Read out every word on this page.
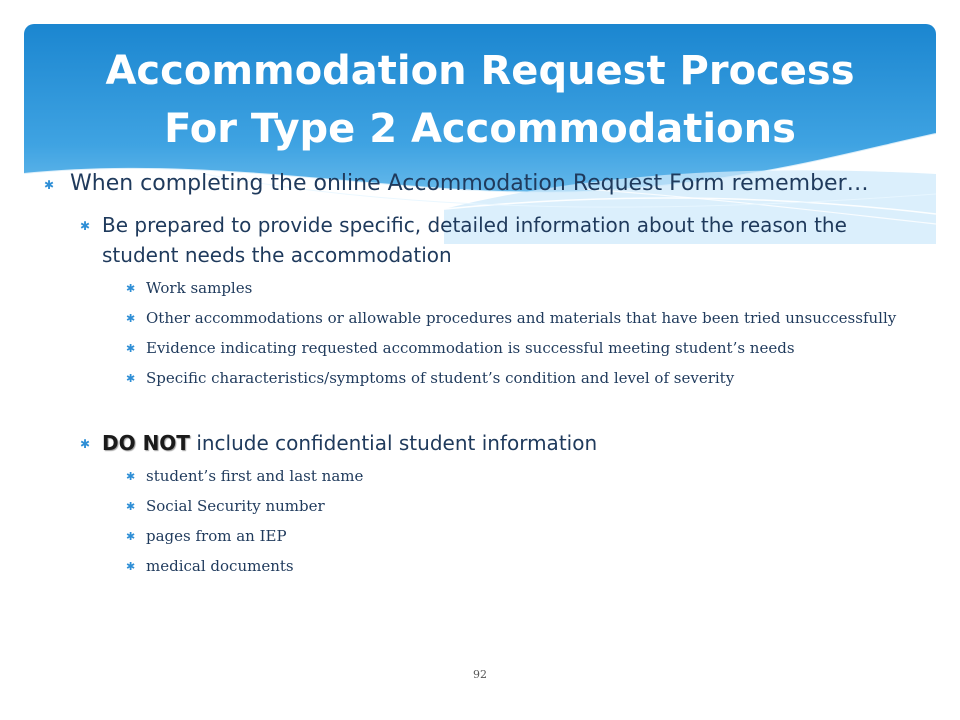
Accommodation Request Process
For Type 2 Accommodations
✱ When completing the online Accommodation Request Form remember…
✱ Be prepared to provide specific, detailed information about the reason the student needs the accommodation
✱ Work samples
✱ Other accommodations or allowable procedures and materials that have been tried unsuccessfully
✱ Evidence indicating requested accommodation is successful meeting student’s needs
✱ Specific characteristics/symptoms of student’s condition and level of severity
✱ DO NOT include confidential student information
✱ student’s first and last name
✱ Social Security number
✱ pages from an IEP
✱ medical documents
92
